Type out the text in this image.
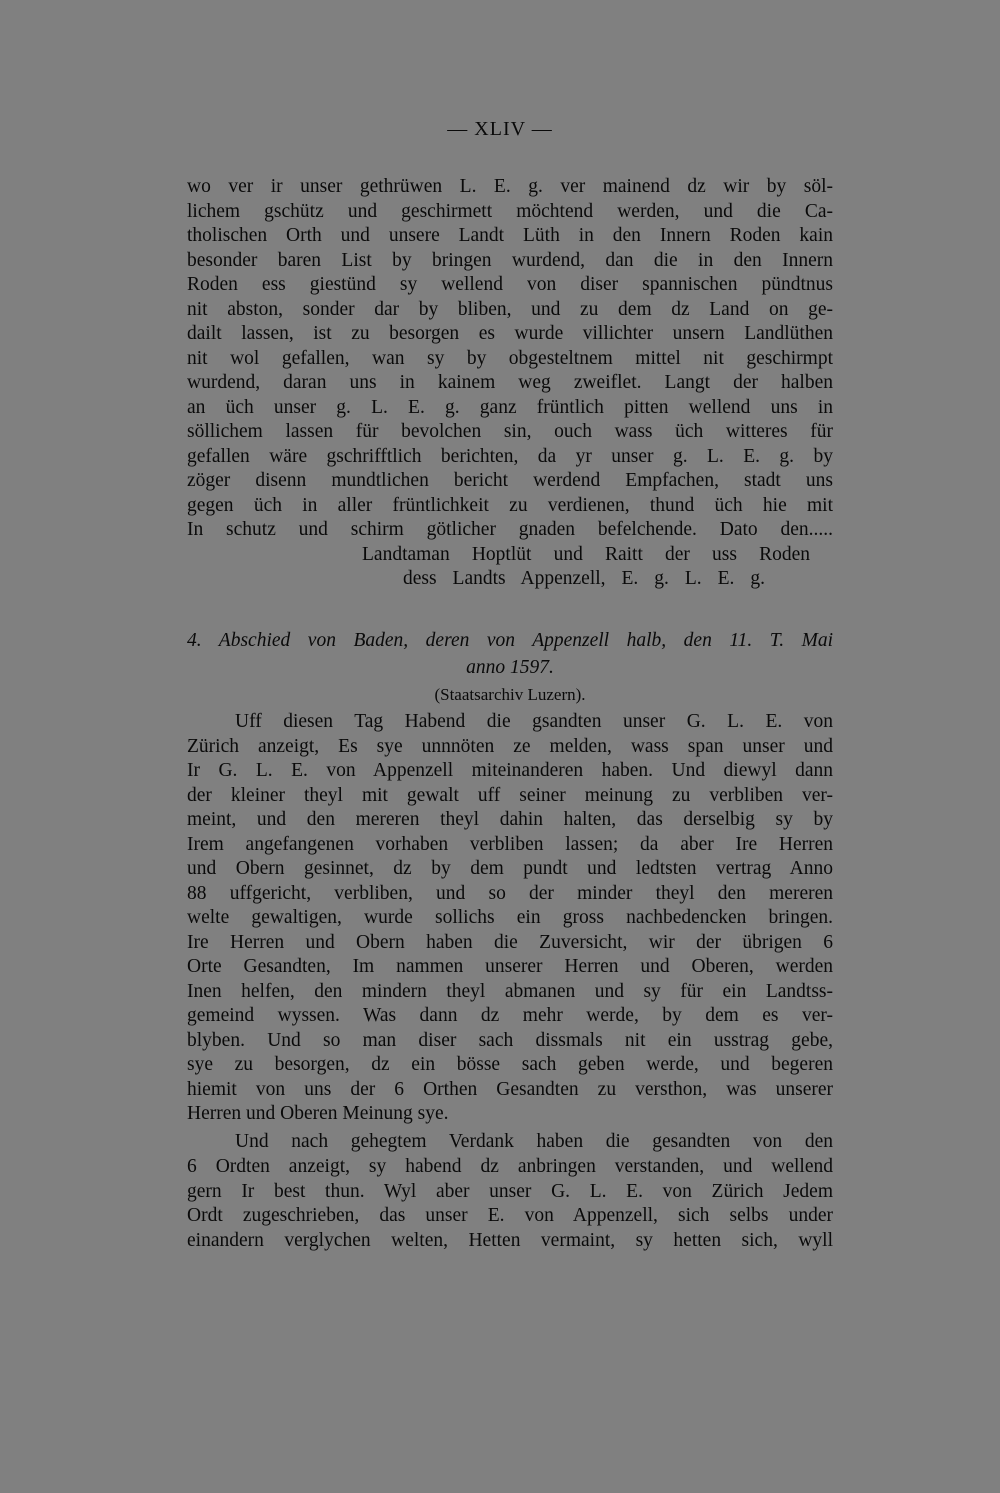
— XLIV —
wo ver ir unser gethrüwen L. E. g. ver mainend dz wir by söl-
lichem gschütz und geschirmett möchtend werden, und die Ca-
tholischen Orth und unsere Landt Lüth in den Innern Roden kain
besonder baren List by bringen wurdend, dan die in den Innern
Roden ess giestünd sy wellend von diser spannischen pündtnus
nit abston, sonder dar by bliben, und zu dem dz Land on ge-
dailt lassen, ist zu besorgen es wurde villichter unsern Landlüthen
nit wol gefallen, wan sy by obgesteltnem mittel nit geschirmpt
wurdend, daran uns in kainem weg zweiflet. Langt der halben
an üch unser g. L. E. g. ganz früntlich pitten wellend uns in
söllichem lassen für bevolchen sin, ouch wass üch witteres für
gefallen wäre gschrifftlich berichten, da yr unser g. L. E. g. by
zöger disenn mundtlichen bericht werdend Empfachen, stadt uns
gegen üch in aller früntlichkeit zu verdienen, thund üch hie mit
In schutz und schirm götlicher gnaden befelchende. Dato den.....
Landtaman Hoptlüt und Raitt der uss Roden
dess Landts Appenzell, E. g. L. E. g.
4. Abschied von Baden, deren von Appenzell halb, den 11. T. Mai
anno 1597.
(Staatsarchiv Luzern).
Uff diesen Tag Habend die gsandten unser G. L. E. von
Zürich anzeigt, Es sye unnnöten ze melden, wass span unser und
Ir G. L. E. von Appenzell miteinanderen haben. Und diewyl dann
der kleiner theyl mit gewalt uff seiner meinung zu verbliben ver-
meint, und den mereren theyl dahin halten, das derselbig sy by
Irem angefangenen vorhaben verbliben lassen; da aber Ire Herren
und Obern gesinnet, dz by dem pundt und ledtsten vertrag Anno
88 uffgericht, verbliben, und so der minder theyl den mereren
welte gewaltigen, wurde sollichs ein gross nachbedencken bringen.
Ire Herren und Obern haben die Zuversicht, wir der übrigen 6
Orte Gesandten, Im nammen unserer Herren und Oberen, werden
Inen helfen, den mindern theyl abmanen und sy für ein Landtss-
gemeind wyssen. Was dann dz mehr werde, by dem es ver-
blyben. Und so man diser sach dissmals nit ein usstrag gebe,
sye zu besorgen, dz ein bösse sach geben werde, und begeren
hiemit von uns der 6 Orthen Gesandten zu versthon, was unserer
Herren und Oberen Meinung sye.
Und nach gehegtem Verdank haben die gesandten von den
6 Ordten anzeigt, sy habend dz anbringen verstanden, und wellend
gern Ir best thun. Wyl aber unser G. L. E. von Zürich Jedem
Ordt zugeschrieben, das unser E. von Appenzell, sich selbs under
einandern verglychen welten, Hetten vermaint, sy hetten sich, wyll
